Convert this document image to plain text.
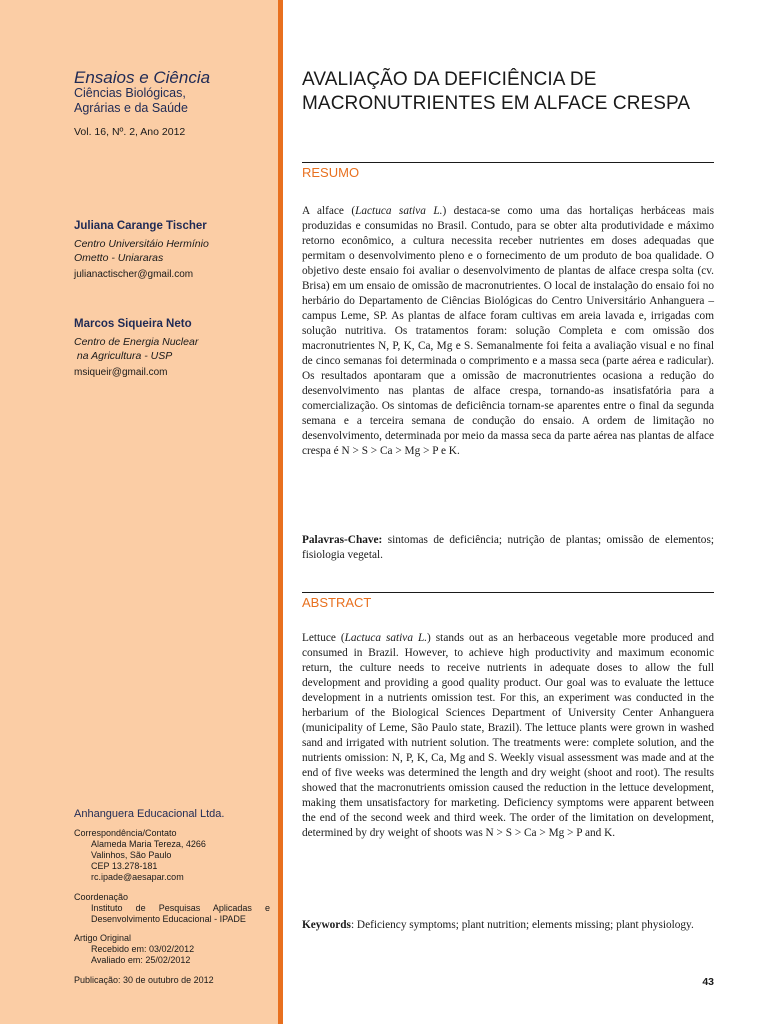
Ensaios e Ciência
Ciências Biológicas,
Agrárias e da Saúde
Vol. 16, Nº. 2, Ano 2012
Juliana Carange Tischer
Centro Universitáio Hermínio
Ometto - Uniararas
julianactischer@gmail.com
Marcos Siqueira Neto
Centro de Energia Nuclear
na Agricultura - USP
msiqueir@gmail.com
Anhanguera Educacional Ltda.
Correspondência/Contato
Alameda Maria Tereza, 4266
Valinhos, São Paulo
CEP 13.278-181
rc.ipade@aesapar.com
Coordenação
Instituto de Pesquisas Aplicadas e
Desenvolvimento Educacional - IPADE
Artigo Original
Recebido em: 03/02/2012
Avaliado em: 25/02/2012
Publicação: 30 de outubro de 2012
AVALIAÇÃO DA DEFICIÊNCIA DE
MACRONUTRIENTES EM ALFACE CRESPA
RESUMO
A alface (Lactuca sativa L.) destaca-se como uma das hortaliças herbáceas mais produzidas e consumidas no Brasil. Contudo, para se obter alta produtividade e máximo retorno econômico, a cultura necessita receber nutrientes em doses adequadas que permitam o desenvolvimento pleno e o fornecimento de um produto de boa qualidade. O objetivo deste ensaio foi avaliar o desenvolvimento de plantas de alface crespa solta (cv. Brisa) em um ensaio de omissão de macronutrientes. O local de instalação do ensaio foi no herbário do Departamento de Ciências Biológicas do Centro Universitário Anhanguera – campus Leme, SP. As plantas de alface foram cultivas em areia lavada e, irrigadas com solução nutritiva. Os tratamentos foram: solução Completa e com omissão dos macronutrientes N, P, K, Ca, Mg e S. Semanalmente foi feita a avaliação visual e no final de cinco semanas foi determinada o comprimento e a massa seca (parte aérea e radicular). Os resultados apontaram que a omissão de macronutrientes ocasiona a redução do desenvolvimento nas plantas de alface crespa, tornando-as insatisfatória para a comercialização. Os sintomas de deficiência tornam-se aparentes entre o final da segunda semana e a terceira semana de condução do ensaio. A ordem de limitação no desenvolvimento, determinada por meio da massa seca da parte aérea nas plantas de alface crespa é N > S > Ca > Mg > P e K.
Palavras-Chave: sintomas de deficiência; nutrição de plantas; omissão de elementos; fisiologia vegetal.
ABSTRACT
Lettuce (Lactuca sativa L.) stands out as an herbaceous vegetable more produced and consumed in Brazil. However, to achieve high productivity and maximum economic return, the culture needs to receive nutrients in adequate doses to allow the full development and providing a good quality product. Our goal was to evaluate the lettuce development in a nutrients omission test. For this, an experiment was conducted in the herbarium of the Biological Sciences Department of University Center Anhanguera (municipality of Leme, São Paulo state, Brazil). The lettuce plants were grown in washed sand and irrigated with nutrient solution. The treatments were: complete solution, and the nutrients omission: N, P, K, Ca, Mg and S. Weekly visual assessment was made and at the end of five weeks was determined the length and dry weight (shoot and root). The results showed that the macronutrients omission caused the reduction in the lettuce development, making them unsatisfactory for marketing. Deficiency symptoms were apparent between the end of the second week and third week. The order of the limitation on development, determined by dry weight of shoots was N > S > Ca > Mg > P and K.
Keywords: Deficiency symptoms; plant nutrition; elements missing; plant physiology.
43
